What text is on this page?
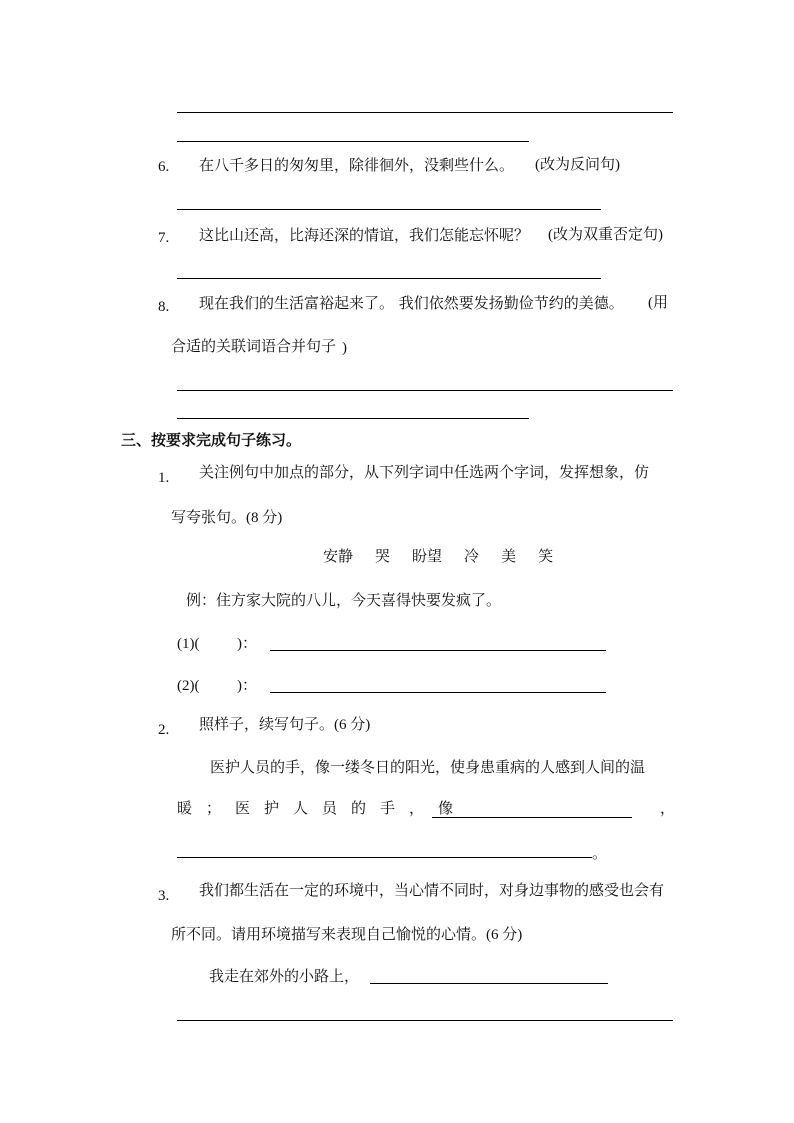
6. 在八千多日的匆匆里，除徘徊外，没剩些什么。 (改为反问句)
7. 这比山还高，比海还深的情谊，我们怎能忘怀呢？ (改为双重否定句)
8. 现在我们的生活富裕起来了。 我们依然要发扬勤俭节约的美德。 (用
合适的关联词语合并句子 )
三、按要求完成句子练习。
1. 关注例句中加点的部分，从下列字词中任选两个字词，发挥想象，仿
写夸张句。(8 分)
安静 哭 盼望 冷 美 笑
例：住方家大院的八儿，今天喜得快要发疯了。
(1)(          )：
(2)(          )：
2. 照样子，续写句子。(6 分)
医护人员的手，像一缕冬日的阳光，使身患重病的人感到人间的温
暖；医护人员的手，像	，
。
3. 我们都生活在一定的环境中，当心情不同时，对身边事物的感受也会有
所不同。请用环境描写来表现自己愉悦的心情。(6 分)
我走在郊外的小路上，
